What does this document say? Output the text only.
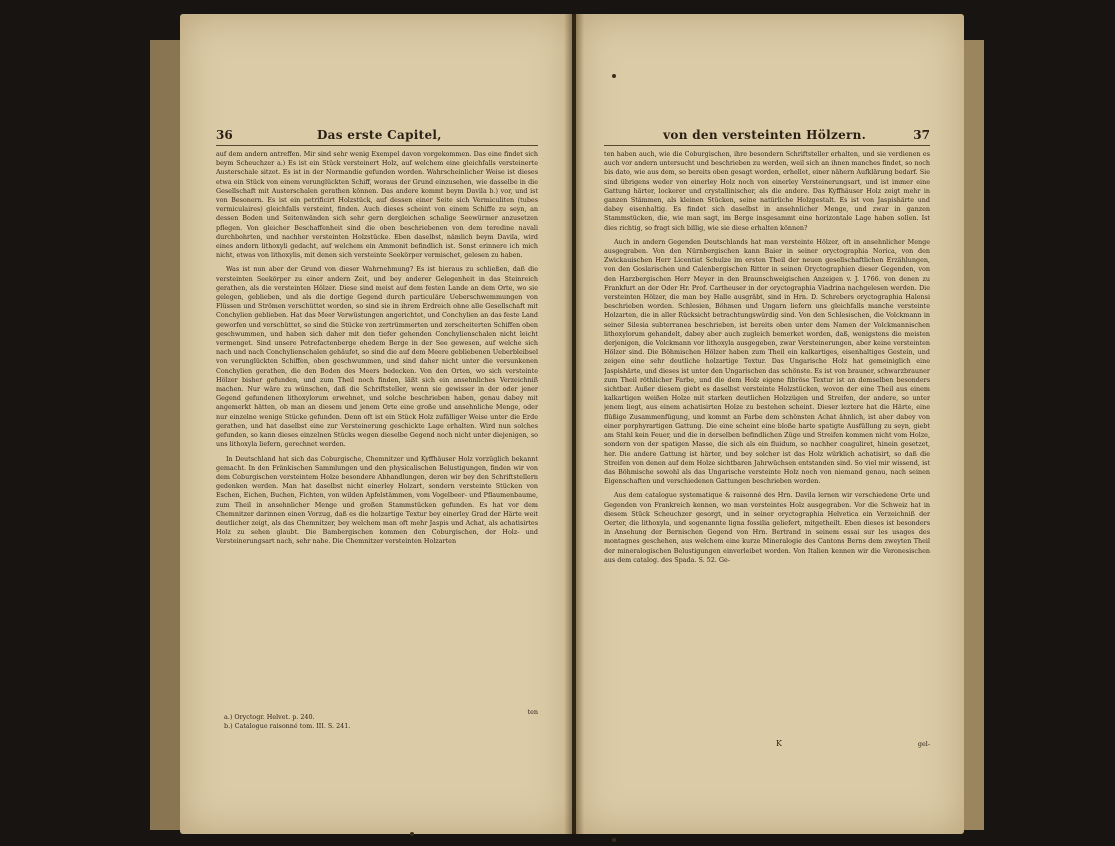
36	Das erste Capitel,

auf dem andern antreffen. Mir sind sehr wenig Exempel davon vorgekommen. Das eine findet sich beym Scheuchzer a.) Es ist ein Stück versteinert Holz, auf welchem eine gleichfalls versteinerte Austerschale sitzet. Es ist in der Normandie gefunden worden. Wahrscheinlicher Weise ist dieses etwa ein Stück von einem verunglückten Schiff, woraus der Grund einzusehen, wie dasselbe in die Gesellschaft mit Austerschalen gerathen können. Das andere kommt beym Davila b.) vor, und ist von Besonern. Es ist ein petrificirt Holzstück, auf dessen einer Seite sich Vermiculiten (tubes vermiculaires) gleichfalls versteint, finden. Auch dieses scheint von einem Schiffe zu seyn, an dessen Boden und Seitenwänden sich sehr gern dergleichen schalige Seewürmer anzusetzen pflegen. Von gleicher Beschaffenheit sind die oben beschriebenen von dem teredine navali durchbohrten, und nachher versteinten Holzstücke. Eben daselbst, nämlich beym Davila, wird eines andern lithoxyli gedacht, auf welchem ein Ammonit befindlich ist. Sonst erinnere ich mich nicht, etwas von lithoxylis, mit denen sich versteinte Seekörper vermischet, gelesen zu haben.

Was ist nun aber der Grund von dieser Wahrnehmung? Es ist hieraus zu schließen, daß die versteinten Seekörper zu einer andern Zeit, und bey anderer Gelegenheit in das Steinreich gerathen, als die versteinten Hölzer. Diese sind meist auf dem festen Lande an dem Orte, wo sie gelegen, geblieben, und als die dortige Gegend durch particuläre Ueberschwemmungen von Flüssen und Strömen verschüttet worden, so sind sie in ihrem Erdreich ohne alle Gesellschaft mit Conchylien geblieben. Hat das Meer Verwüstungen angerichtet, und Conchylien an das feste Land geworfen und verschüttet, so sind die Stücke von zertrümmerten und zerscheiterten Schiffen oben geschwummen, und haben sich daher mit den tiefer gehenden Conchylienschalen nicht leicht vermenget. Sind unsere Petrefactenberge ehedem Berge in der See gewesen, auf welche sich nach und nach Conchylienschalen gehäufet, so sind die auf dem Meere gebliebenen Ueberbleibsel von verunglückten Schiffen, oben geschwummen, und sind daher nicht unter die versunkenen Conchylien gerathen, die den Boden des Meers bedecken. Von den Orten, wo sich versteinte Hölzer bisher gefunden, und zum Theil noch finden, läßt sich ein ansehnliches Verzeichniß machen. Nur wäre zu wünschen, daß die Schriftsteller, wenn sie gewisser in der oder jener Gegend gefundenen lithoxylorum erwehnet, und solche beschrieben haben, genau dabey mit angemerkt hätten, ob man an diesem und jenem Orte eine große und ansehnliche Menge, oder nur einzelne wenige Stücke gefunden. Denn oft ist ein Stück Holz zufälliger Weise unter die Erde gerathen, und hat daselbst eine zur Versteinerung geschickte Lage erhalten. Wird nun solches gefunden, so kann dieses einzelnen Stücks wegen dieselbe Gegend noch nicht unter diejenigen, so uns lithoxyla liefern, gerechnet werden.

In Deutschland hat sich das Coburgische, Chemnitzer und Kyffhäuser Holz vorzüglich bekannt gemacht. In den Fränkischen Sammlungen und den physicalischen Belustigungen, finden wir von dem Coburgischen versteintem Holze besondere Abhandlungen, deren wir bey den Schriftstellern gedenken werden. Man hat daselbst nicht einerley Holzart, sondern versteinte Stücken von Eschen, Eichen, Buchen, Fichten, von wilden Apfelstämmen, vom Vogelbeer- und Pflaumenbaume, zum Theil in ansehnlicher Menge und großen Stammstücken gefunden. Es hat vor dem Chemnitzer darinnen einen Vorzug, daß es die holzartige Textur bey einerley Grad der Härte weit deutlicher zeigt, als das Chemnitzer, bey welchem man oft mehr Jaspis und Achat, als achatisirtes Holz zu sehen glaubt. Die Bambergischen kommen den Coburgischen, der Holz- und Versteinerungsart nach, sehr nahe. Die Chemnitzer versteinten Holzarten

ten
a.) Oryctogr. Helvet. p. 240.
b.) Catalogue raisonné tom. III. S. 241.
von den versteinten Hölzern.	37

ten haben auch, wie die Coburgischen, ihre besondern Schriftsteller erhalten, und sie verdienen es auch vor andern untersucht und beschrieben zu werden, weil sich an ihnen manches findet, so noch bis dato, wie aus dem, so bereits oben gesagt worden, erhellet, einer nähern Aufklärung bedarf. Sie sind übrigens weder von einerley Holz noch von einerley Versteinerungsart, und ist immer eine Gattung härter, lockerer und crystallinischer, als die andere. Das Kyffhäuser Holz zeigt mehr in ganzen Stämmen, als kleinen Stücken, seine natürliche Holzgestalt. Es ist von Jaspishärte und dabey eisenhaltig. Es findet sich daselbst in ansehnlicher Menge, und zwar in ganzen Stammstücken, die, wie man sagt, im Berge insgesammt eine horizontale Lage haben sollen. Ist dies richtig, so fragt sich billig, wie sie diese erhalten können?

Auch in andern Gegenden Deutschlands hat man versteinte Hölzer, oft in ansehnlicher Menge ausgegraben. Von den Nürnbergischen kann Baier in seiner oryctographia Norica, von den Zwickauischen Herr Licentiat Schulze im ersten Theil der neuen gesellschaftlichen Erzählungen, von den Goslarischen und Calenbergischen Ritter in seinen Oryctographien dieser Gegenden, von den Harzbergischen Herr Meyer in den Braunschweigischen Anzeigen v. J. 1766. von denen zu Frankfurt an der Oder Hr. Prof. Cartheuser in der oryctographia Viadrina nachgelesen werden. Die versteinten Hölzer, die man bey Halle ausgräbt, sind in Hrn. D. Schrebers oryctographia Halensi beschrieben worden. Schlesien, Böhmen und Ungarn liefern uns gleichfalls manche versteinte Holzarten, die in aller Rücksicht betrachtungswürdig sind. Von den Schlesischen, die Volckmann in seiner Silesia subterranea beschrieben, ist bereits oben unter dem Namen der Volckmannischen lithoxylorum gehandelt, dabey aber auch zugleich bemerket worden, daß, wenigstens die meisten derjenigen, die Volckmann vor lithoxyla ausgegeben, zwar Versteinerungen, aber keine versteinten Hölzer sind. Die Böhmischen Hölzer haben zum Theil ein kalkartiges, eisenhaltiges Gestein, und zeigen eine sehr deutliche holzartige Textur. Das Ungarische Holz hat gemeiniglich eine Jaspishärte, und dieses ist unter den Ungarischen das schönste. Es ist von brauner, schwarzbrauner zum Theil röthlicher Farbe, und die dem Holz eigene fibröse Textur ist an demselben besonders sichtbar. Außer diesem giebt es daselbst versteinte Holzstücken, wovon der eine Theil aus einem kalkartigen weißen Holze mit starken deutlichen Holzzügen und Streifen, der andere, so unter jenem liegt, aus einem achatisirten Holze zu bestehen scheint. Dieser leztere hat die Härte, eine flüßige Zusammenfügung, und kommt an Farbe dem schönsten Achat ähnlich, ist aber dabey von einer porphyrartigen Gattung. Die eine scheint eine bloße harte spatigte Ausfüllung zu seyn, giebt am Stahl kein Feuer, und die in derselben befindlichen Züge und Streifen kommen nicht vom Holze, sondern von der spatigen Masse, die sich als ein fluidum, so nachher coaguliret, hinein gesetzet, her. Die andere Gattung ist härter, und bey solcher ist das Holz würklich achatisirt, so daß die Streifen von denen auf dem Holze sichtbaren Jahrwüchsen entstanden sind. So viel mir wissend, ist das Böhmische sowohl als das Ungarische versteinte Holz noch von niemand genau, nach seinen Eigenschaften und verschiedenen Gattungen beschrieben worden.

Aus dem catalogue systematique & raisonné des Hrn. Davila lernen wir verschiedene Orte und Gegenden von Frankreich kennen, wo man versteintes Holz ausgegraben. Vor die Schweiz hat in diesem Stück Scheuchzer gesorgt, und in seiner oryctographia Helvetica ein Verzeichniß der Oerter, die lithoxyla, und sogenannte ligna fossilia geliefert, mitgetheilt. Eben dieses ist besonders in Ansehung der Bernischen Gegend von Hrn. Bertrand in seinem essai sur les usages des montagnes geschehen, aus welchem eine kurze Mineralogie des Cantons Berns dem zweyten Theil der mineralogischen Belustigungen einverleibet worden. Von Italien kennen wir die Veronesischen aus dem catalog. des Spada. S. 52. Ge-

K	gel-
